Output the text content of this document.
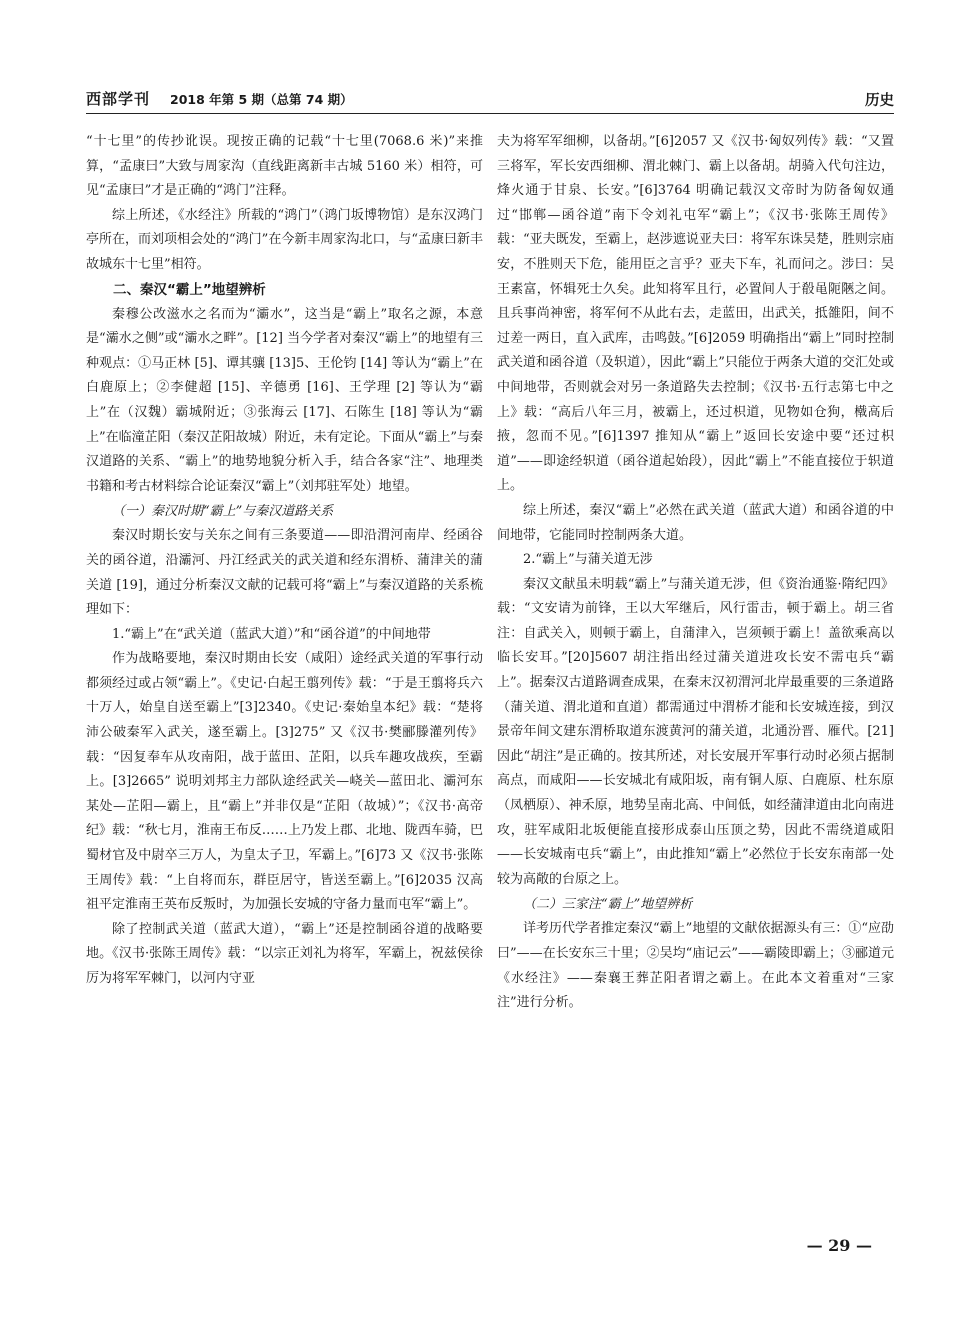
西部学刊 2018 年第 5 期（总第 74 期）	历史

“十七里”的传抄讹误。现按正确的记载“十七里(7068.6 米)”来推算，“孟康曰”大致与周家沟（直线距离新丰古城 5160 米）相符，可见“孟康曰”才是正确的“鸿门”注释。

综上所述，《水经注》所载的“鸿门”（鸿门坂博物馆）是东汉鸿门亭所在，而刘项相会处的“鸿门”在今新丰周家沟北口，与“孟康曰新丰故城东十七里”相符。

二、秦汉“霸上”地望辨析

秦穆公改滋水之名而为“灞水”，这当是“霸上”取名之源，本意是“灞水之侧”或“灞水之畔”。[12] 当今学者对秦汉“霸上”的地望有三种观点：①马正林 [5]、谭其骧 [13]5、王伦钧 [14] 等认为“霸上”在白鹿原上；②李健超 [15]、辛德勇 [16]、王学理 [2] 等认为“霸上”在（汉魏）霸城附近；③张海云 [17]、石陈生 [18] 等认为“霸上”在临潼芷阳（秦汉芷阳故城）附近，未有定论。下面从“霸上”与秦汉道路的关系、“霸上”的地势地貌分析入手，结合各家“注”、地理类书籍和考古材料综合论证秦汉“霸上”（刘邦驻军处）地望。

（一）秦汉时期“霸上”与秦汉道路关系

秦汉时期长安与关东之间有三条要道——即沿渭河南岸、经函谷关的函谷道，沿灞河、丹江经武关的武关道和经东渭桥、蒲津关的蒲关道 [19]，通过分析秦汉文献的记载可将“霸上”与秦汉道路的关系梳理如下：

1.“霸上”在“武关道（蓝武大道）”和“函谷道”的中间地带

作为战略要地，秦汉时期由长安（咸阳）途经武关道的军事行动都须经过或占领“霸上”。《史记·白起王翦列传》载：“于是王翦将兵六十万人，始皇自送至霸上”[3]2340。《史记·秦始皇本纪》载：“楚将沛公破秦军入武关，遂至霸上。[3]275” 又《汉书·樊郦滕灌列传》载：“因复奉车从攻南阳，战于蓝田、芷阳，以兵车趣攻战疾，至霸上。[3]2665” 说明刘邦主力部队途经武关—峣关—蓝田北、灞河东某处—芷阳—霸上，且“霸上”并非仅是“芷阳（故城）”；《汉书·高帝纪》载：“秋七月，淮南王布反……上乃发上郡、北地、陇西车骑，巴蜀材官及中尉卒三万人，为皇太子卫，军霸上。”[6]73 又《汉书·张陈王周传》载：“上自将而东，群臣居守，皆送至霸上。”[6]2035 汉高祖平定淮南王英布反叛时，为加强长安城的守备力量而屯军“霸上”。

除了控制武关道（蓝武大道），“霸上”还是控制函谷道的战略要地。《汉书·张陈王周传》载：“以宗正刘礼为将军，军霸上，祝兹侯徐厉为将军军棘门，以河内守亚

夫为将军军细柳，以备胡。”[6]2057 又《汉书·匈奴列传》载：“又置三将军，军长安西细柳、渭北棘门、霸上以备胡。胡骑入代句注边，烽火通于甘泉、长安。”[6]3764 明确记载汉文帝时为防备匈奴通过“邯郸—函谷道”南下令刘礼屯军“霸上”；《汉书·张陈王周传》载：“亚夫既发，至霸上，赵涉遮说亚夫曰：将军东诛吴楚，胜则宗庙安，不胜则天下危，能用臣之言乎？亚夫下车，礼而问之。涉曰：吴王素富，怀辑死士久矣。此知将军且行，必置间人于殽黾阨陿之间。且兵事尚神密，将军何不从此右去，走蓝田，出武关，抵雒阳，间不过差一两日，直入武库，击鸣鼓。”[6]2059 明确指出“霸上”同时控制武关道和函谷道（及轵道），因此“霸上”只能位于两条大道的交汇处或中间地带，否则就会对另一条道路失去控制；《汉书·五行志第七中之上》载：“高后八年三月，被霸上，还过枳道，见物如仓狗，橶高后掖，忽而不见。”[6]1397 推知从“霸上”返回长安途中要“还过枳道”——即途经轵道（函谷道起始段），因此“霸上”不能直接位于轵道上。

综上所述，秦汉“霸上”必然在武关道（蓝武大道）和函谷道的中间地带，它能同时控制两条大道。

2.“霸上”与蒲关道无涉

秦汉文献虽未明载“霸上”与蒲关道无涉，但《资治通鉴·隋纪四》载：“文安请为前锋，王以大军继后，风行雷击，顿于霸上。胡三省注：自武关入，则顿于霸上，自蒲津入，岂须顿于霸上！盖欲乘高以临长安耳。”[20]5607 胡注指出经过蒲关道进攻长安不需屯兵“霸上”。据秦汉古道路调查成果，在秦末汉初渭河北岸最重要的三条道路（蒲关道、渭北道和直道）都需通过中渭桥才能和长安城连接，到汉景帝年间文建东渭桥取道东渡黄河的蒲关道，北通汾晋、雁代。[21] 因此“胡注”是正确的。按其所述，对长安展开军事行动时必须占据制高点，而咸阳——长安城北有咸阳坂，南有铜人原、白鹿原、杜东原（凤栖原）、神禾原，地势呈南北高、中间低，如经蒲津道由北向南进攻，驻军咸阳北坂便能直接形成泰山压顶之势，因此不需绕道咸阳——长安城南屯兵“霸上”，由此推知“霸上”必然位于长安东南部一处较为高敞的台原之上。

（二）三家注“霸上”地望辨析

详考历代学者推定秦汉“霸上”地望的文献依据源头有三：①“应劭曰”——在长安东三十里；②吴均“庙记云”——霸陵即霸上；③郦道元《水经注》——秦襄王葬芷阳者谓之霸上。在此本文着重对“三家注”进行分析。

— 29 —
